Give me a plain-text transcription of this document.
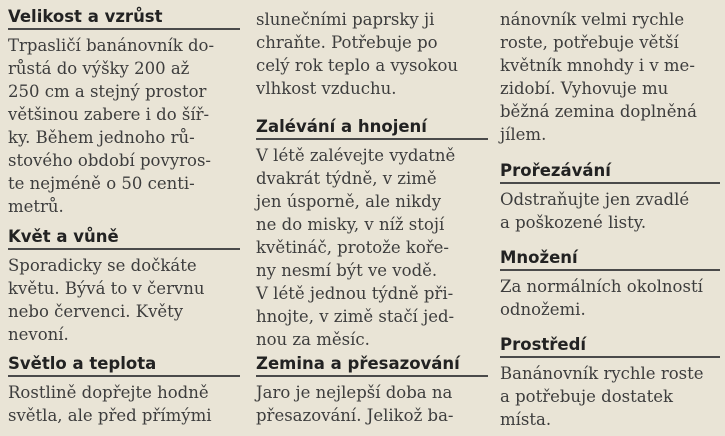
Velikost a vzrůst
Trpasličí banánovník do-
růstá do výšky 200 až
250 cm a stejný prostor
většinou zabere i do šíř-
ky. Během jednoho rů-
stového období povyros-
te nejméně o 50 centi-
metrů.
Květ a vůně
Sporadicky se dočkáte
květu. Bývá to v červnu
nebo červenci. Květy
nevoní.
Světlo a teplota
Rostlině dopřejte hodně
světla, ale před přímými
slunečními paprsky ji
chraňte. Potřebuje po
celý rok teplo a vysokou
vlhkost vzduchu.
Zalévání a hnojení
V létě zalévejte vydatně
dvakrát týdně, v zimě
jen úsporně, ale nikdy
ne do misky, v níž stojí
květináč, protože koře-
ny nesmí být ve vodě.
V létě jednou týdně při-
hnojte, v zimě stačí jed-
nou za měsíc.
Zemina a přesazování
Jaro je nejlepší doba na
přesazování. Jelikož ba-
nánovník velmi rychle
roste, potřebuje větší
květník mnohdy i v me-
zidobí. Vyhovuje mu
běžná zemina doplněná
jílem.
Prořezávání
Odstraňujte jen zvadlé
a poškozené listy.
Množení
Za normálních okolností
odnožemi.
Prostředí
Banánovník rychle roste
a potřebuje dostatek
místa.
